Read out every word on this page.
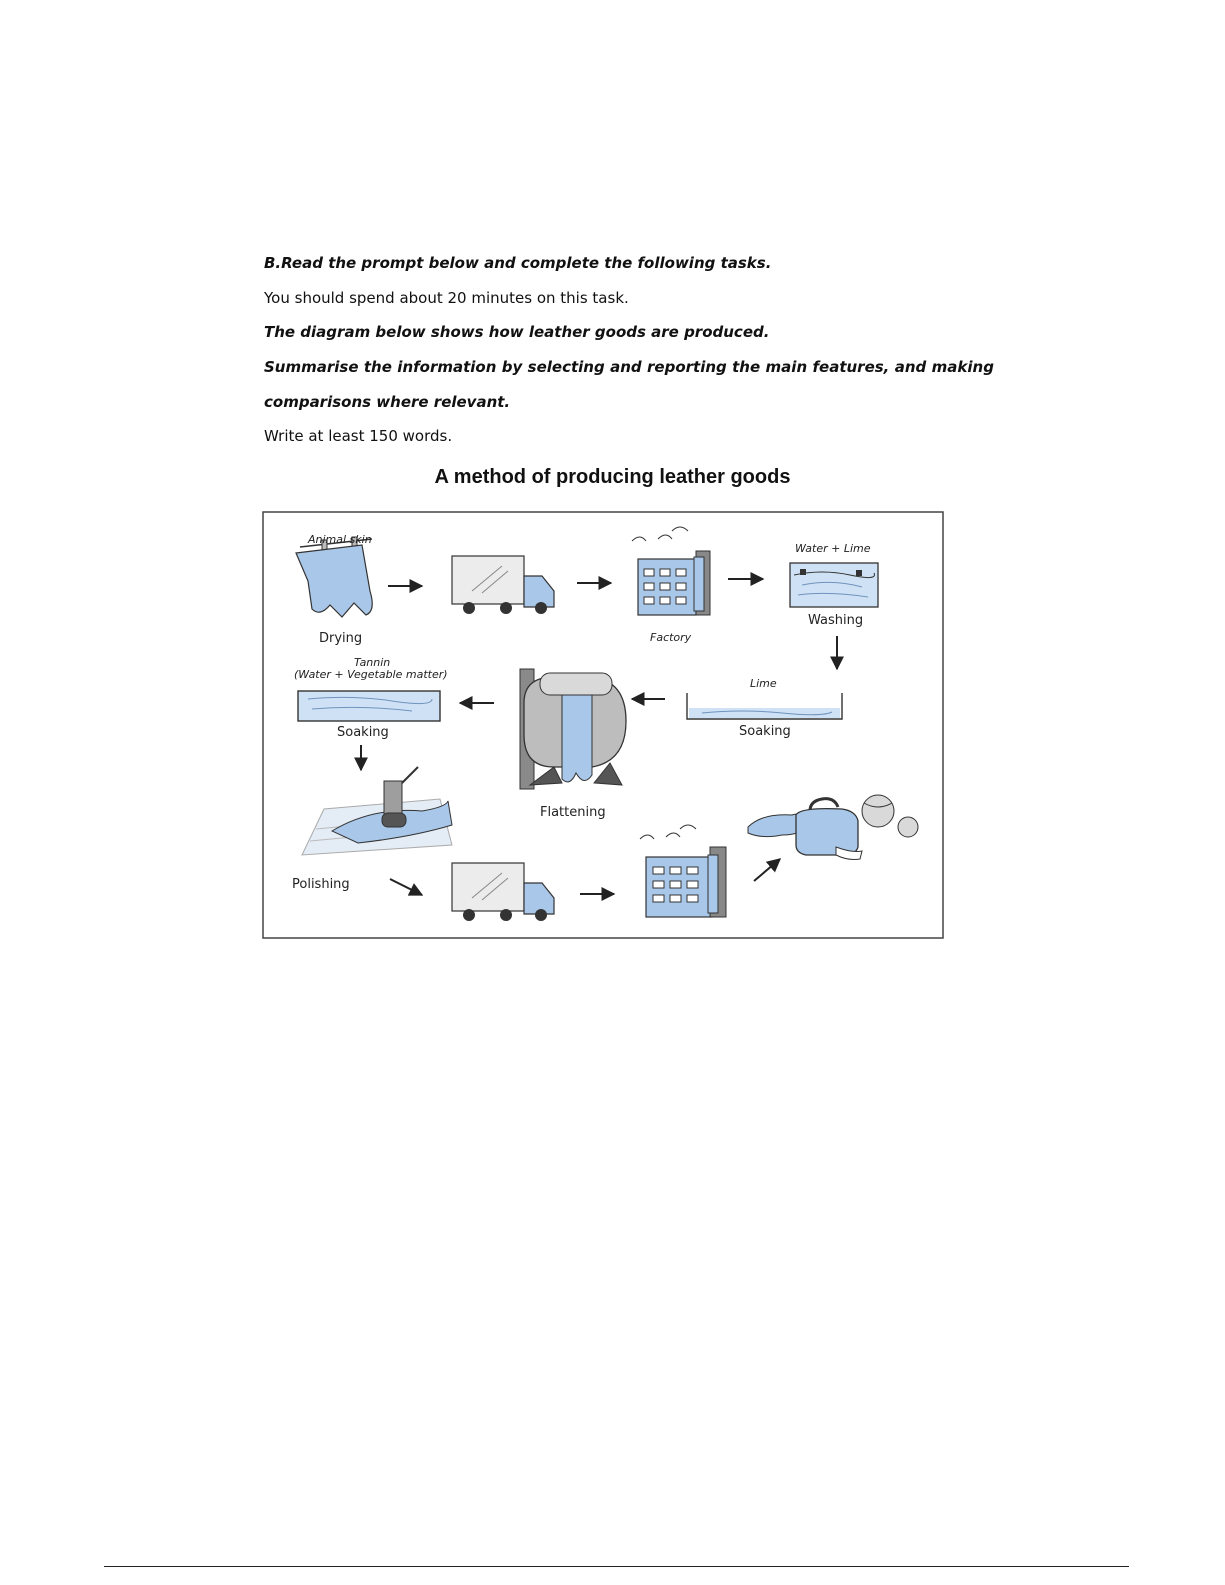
B.Read the prompt below and complete the following tasks.

You should spend about 20 minutes on this task.

The diagram below shows how leather goods are produced.

Summarise the information by selecting and reporting the main features, and making

comparisons where relevant.

Write at least 150 words.

A method of producing leather goods
Animal skin
Drying	Factory
Water + Lime
Washing
Lime
Soaking
Flattening
Tannin
(Water + Vegetable matter)
Soaking
Polishing
